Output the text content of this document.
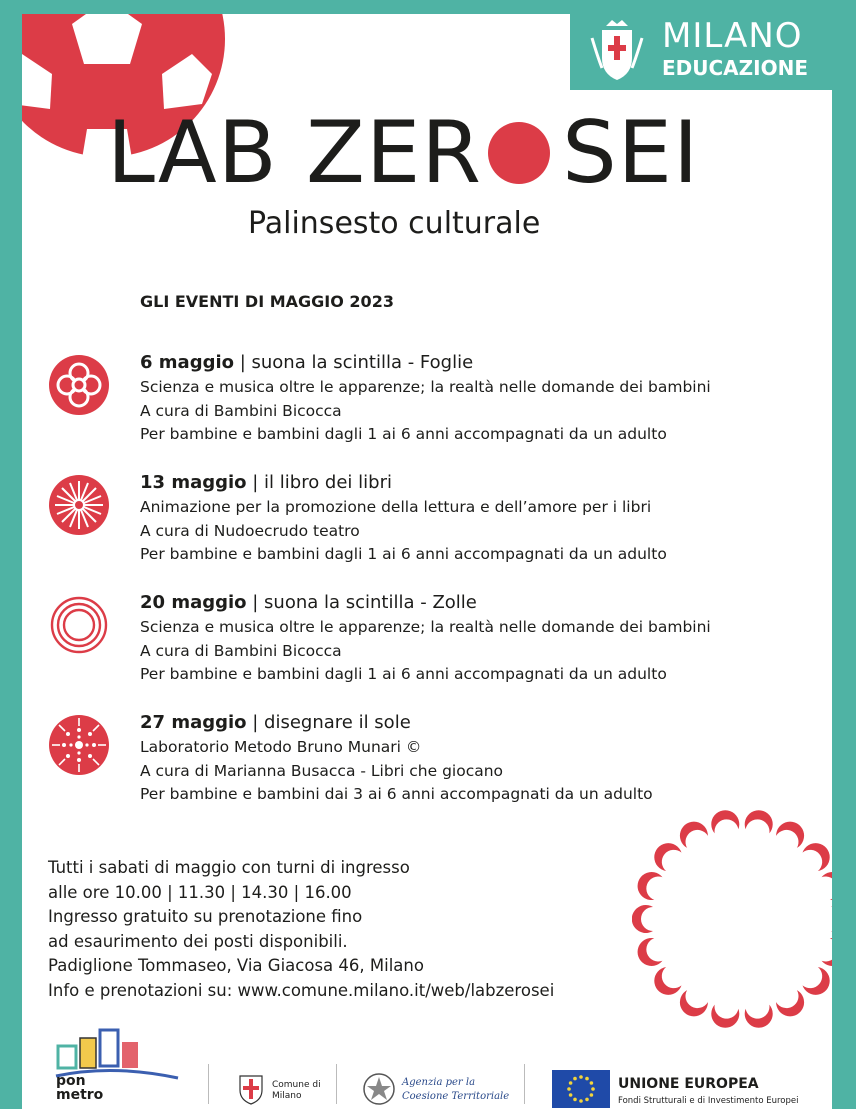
MILANO
EDUCAZIONE
LAB ZER SEI
Palinsesto culturale
GLI EVENTI DI MAGGIO 2023
6 maggio | suona la scintilla - Foglie
Scienza e musica oltre le apparenze; la realtà nelle domande dei bambini
A cura di Bambini Bicocca
Per bambine e bambini dagli 1 ai 6 anni accompagnati da un adulto
13 maggio | il libro dei libri
Animazione per la promozione della lettura e dell’amore per i libri
A cura di Nudoecrudo teatro
Per bambine e bambini dagli 1 ai 6 anni accompagnati da un adulto
20 maggio | suona la scintilla - Zolle
Scienza e musica oltre le apparenze; la realtà nelle domande dei bambini
A cura di Bambini Bicocca
Per bambine e bambini dagli 1 ai 6 anni accompagnati da un adulto
27 maggio | disegnare il sole
Laboratorio Metodo Bruno Munari ©
A cura di Marianna Busacca - Libri che giocano
Per bambine e bambini dai 3 ai 6 anni accompagnati da un adulto
Tutti i sabati di maggio con turni di ingresso
alle ore 10.00 | 11.30 | 14.30 | 16.00
Ingresso gratuito su prenotazione fino
ad esaurimento dei posti disponibili.
Padiglione Tommaseo, Via Giacosa 46, Milano
Info e prenotazioni su: www.comune.milano.it/web/labzerosei
pon
metro
Comune di
Milano
Agenzia per la
Coesione Territoriale
UNIONE EUROPEA
Fondi Strutturali e di Investimento Europei
